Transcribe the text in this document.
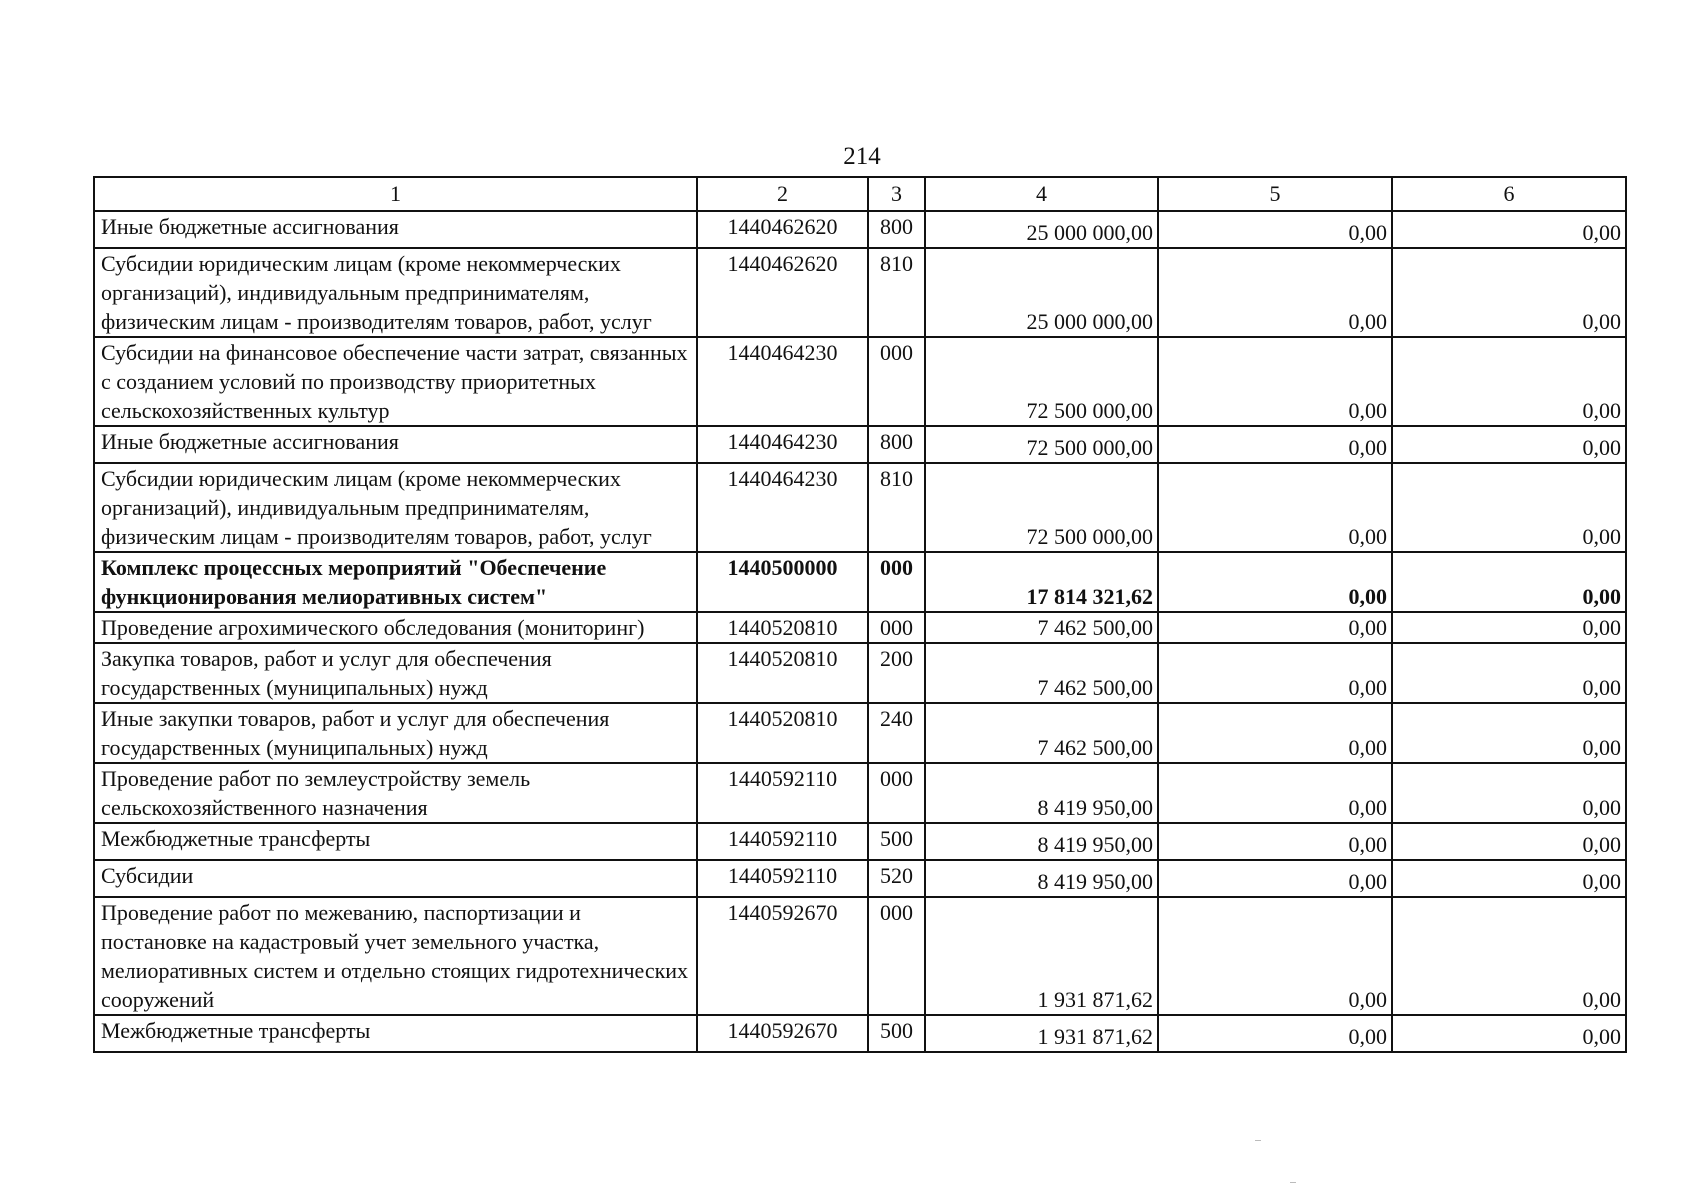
214
1	2	3	4	5	6
Иные бюджетные ассигнования	1440462620	800	25 000 000,00	0,00	0,00
Субсидии юридическим лицам (кроме некоммерческих организаций), индивидуальным предпринимателям, физическим лицам - производителям товаров, работ, услуг	1440462620	810	25 000 000,00	0,00	0,00
Субсидии на финансовое обеспечение части затрат, связанных с созданием условий по производству приоритетных сельскохозяйственных культур	1440464230	000	72 500 000,00	0,00	0,00
Иные бюджетные ассигнования	1440464230	800	72 500 000,00	0,00	0,00
Субсидии юридическим лицам (кроме некоммерческих организаций), индивидуальным предпринимателям, физическим лицам - производителям товаров, работ, услуг	1440464230	810	72 500 000,00	0,00	0,00
Комплекс процессных мероприятий "Обеспечение функционирования мелиоративных систем"	1440500000	000	17 814 321,62	0,00	0,00
Проведение агрохимического обследования (мониторинг)	1440520810	000	7 462 500,00	0,00	0,00
Закупка товаров, работ и услуг для обеспечения государственных (муниципальных) нужд	1440520810	200	7 462 500,00	0,00	0,00
Иные закупки товаров, работ и услуг для обеспечения государственных (муниципальных) нужд	1440520810	240	7 462 500,00	0,00	0,00
Проведение работ по землеустройству земель сельскохозяйственного назначения	1440592110	000	8 419 950,00	0,00	0,00
Межбюджетные трансферты	1440592110	500	8 419 950,00	0,00	0,00
Субсидии	1440592110	520	8 419 950,00	0,00	0,00
Проведение работ по межеванию, паспортизации и постановке на кадастровый учет земельного участка, мелиоративных систем и отдельно стоящих гидротехнических сооружений	1440592670	000	1 931 871,62	0,00	0,00
Межбюджетные трансферты	1440592670	500	1 931 871,62	0,00	0,00
